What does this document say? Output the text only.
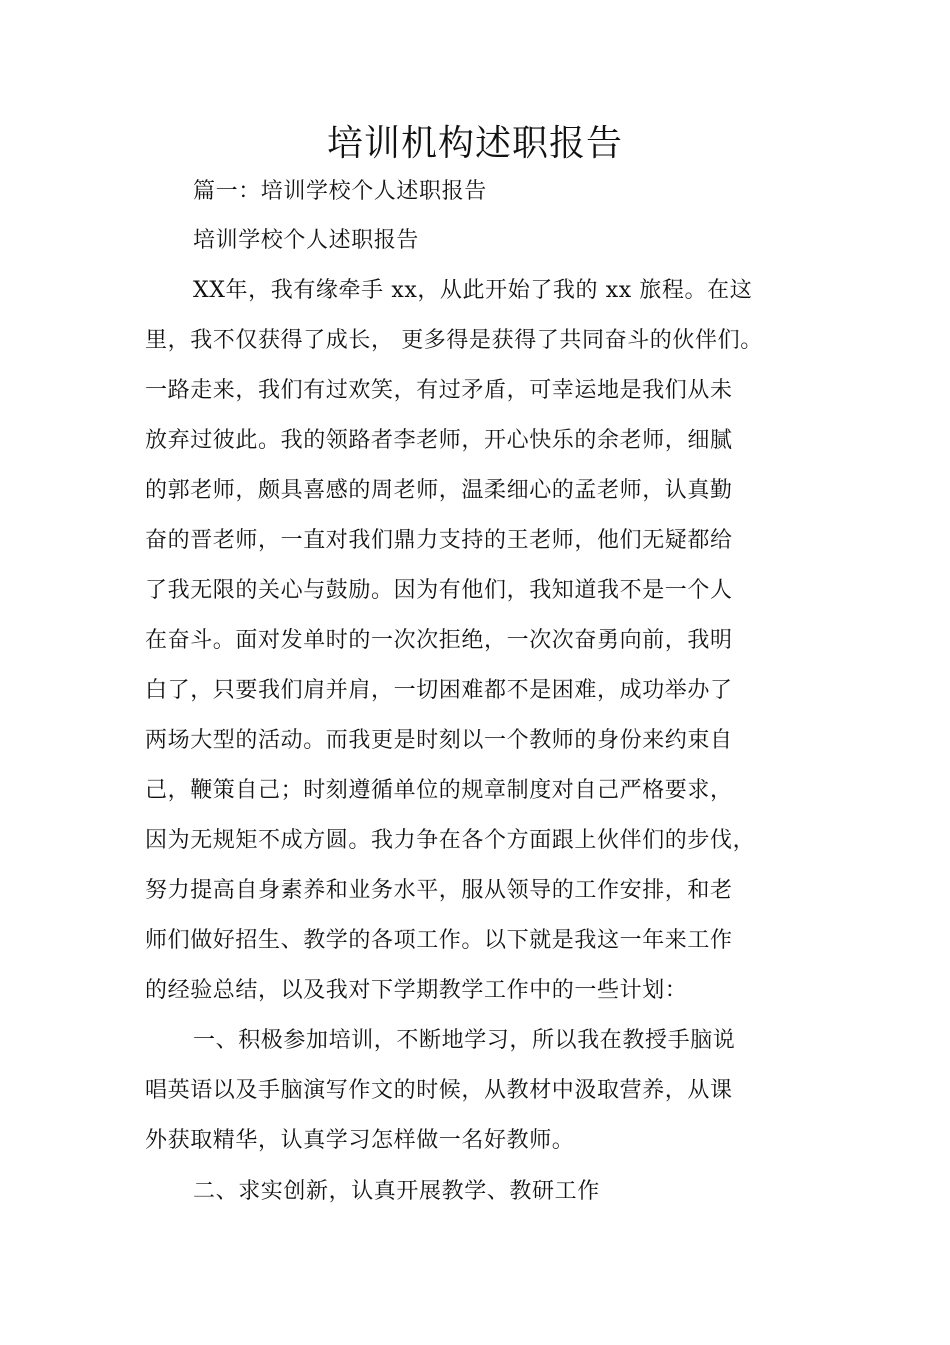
培训机构述职报告
篇一：培训学校个人述职报告
培训学校个人述职报告
XX年，我有缘牵手 xx，从此开始了我的 xx 旅程。在这
里，我不仅获得了成长， 更多得是获得了共同奋斗的伙伴们。
一路走来，我们有过欢笑，有过矛盾，可幸运地是我们从未
放弃过彼此。我的领路者李老师，开心快乐的余老师，细腻
的郭老师，颇具喜感的周老师，温柔细心的孟老师，认真勤
奋的晋老师，一直对我们鼎力支持的王老师，他们无疑都给
了我无限的关心与鼓励。因为有他们，我知道我不是一个人
在奋斗。面对发单时的一次次拒绝，一次次奋勇向前，我明
白了，只要我们肩并肩，一切困难都不是困难，成功举办了
两场大型的活动。而我更是时刻以一个教师的身份来约束自
己，鞭策自己；时刻遵循单位的规章制度对自己严格要求，
因为无规矩不成方圆。我力争在各个方面跟上伙伴们的步伐，
努力提高自身素养和业务水平，服从领导的工作安排，和老
师们做好招生、教学的各项工作。以下就是我这一年来工作
的经验总结，以及我对下学期教学工作中的一些计划：
一、积极参加培训，不断地学习，所以我在教授手脑说
唱英语以及手脑演写作文的时候，从教材中汲取营养，从课
外获取精华，认真学习怎样做一名好教师。
二、求实创新，认真开展教学、教研工作
